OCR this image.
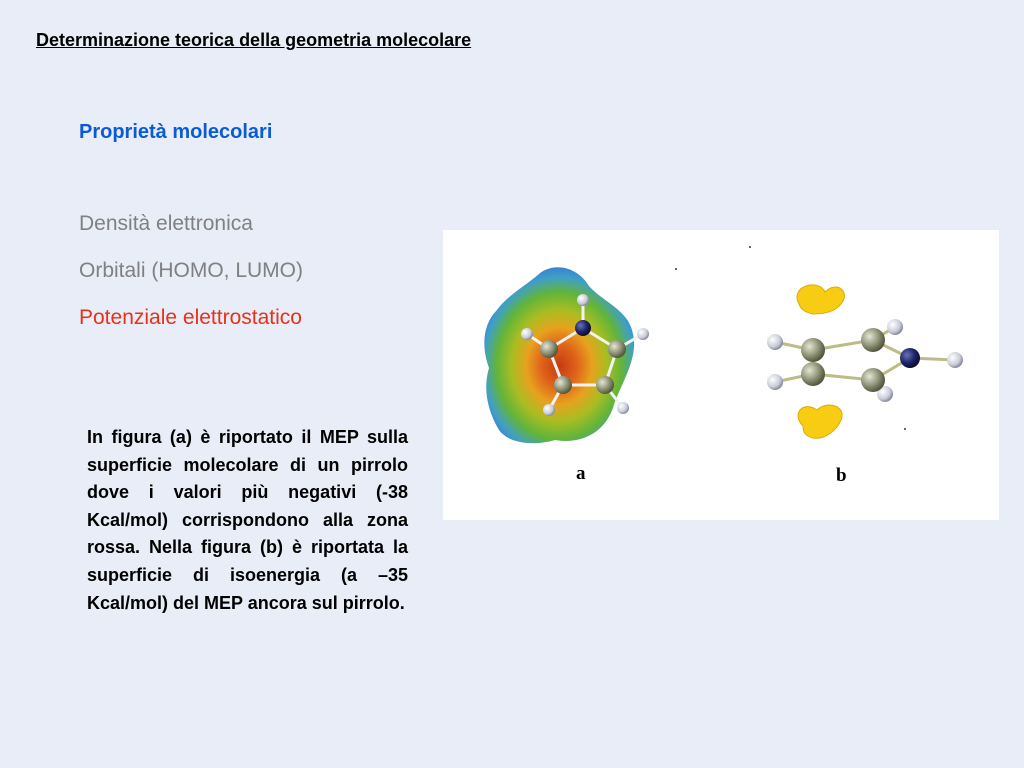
Determinazione teorica della geometria molecolare
Proprietà molecolari
Densità elettronica
Orbitali (HOMO, LUMO)
Potenziale elettrostatico
In figura (a) è riportato il MEP sulla superficie molecolare di un pirrolo dove i valori più negativi (-38 Kcal/mol) corrispondono alla zona rossa. Nella figura (b) è riportata la superficie di isoenergia (a –35 Kcal/mol) del MEP ancora sul pirrolo.
a	b
